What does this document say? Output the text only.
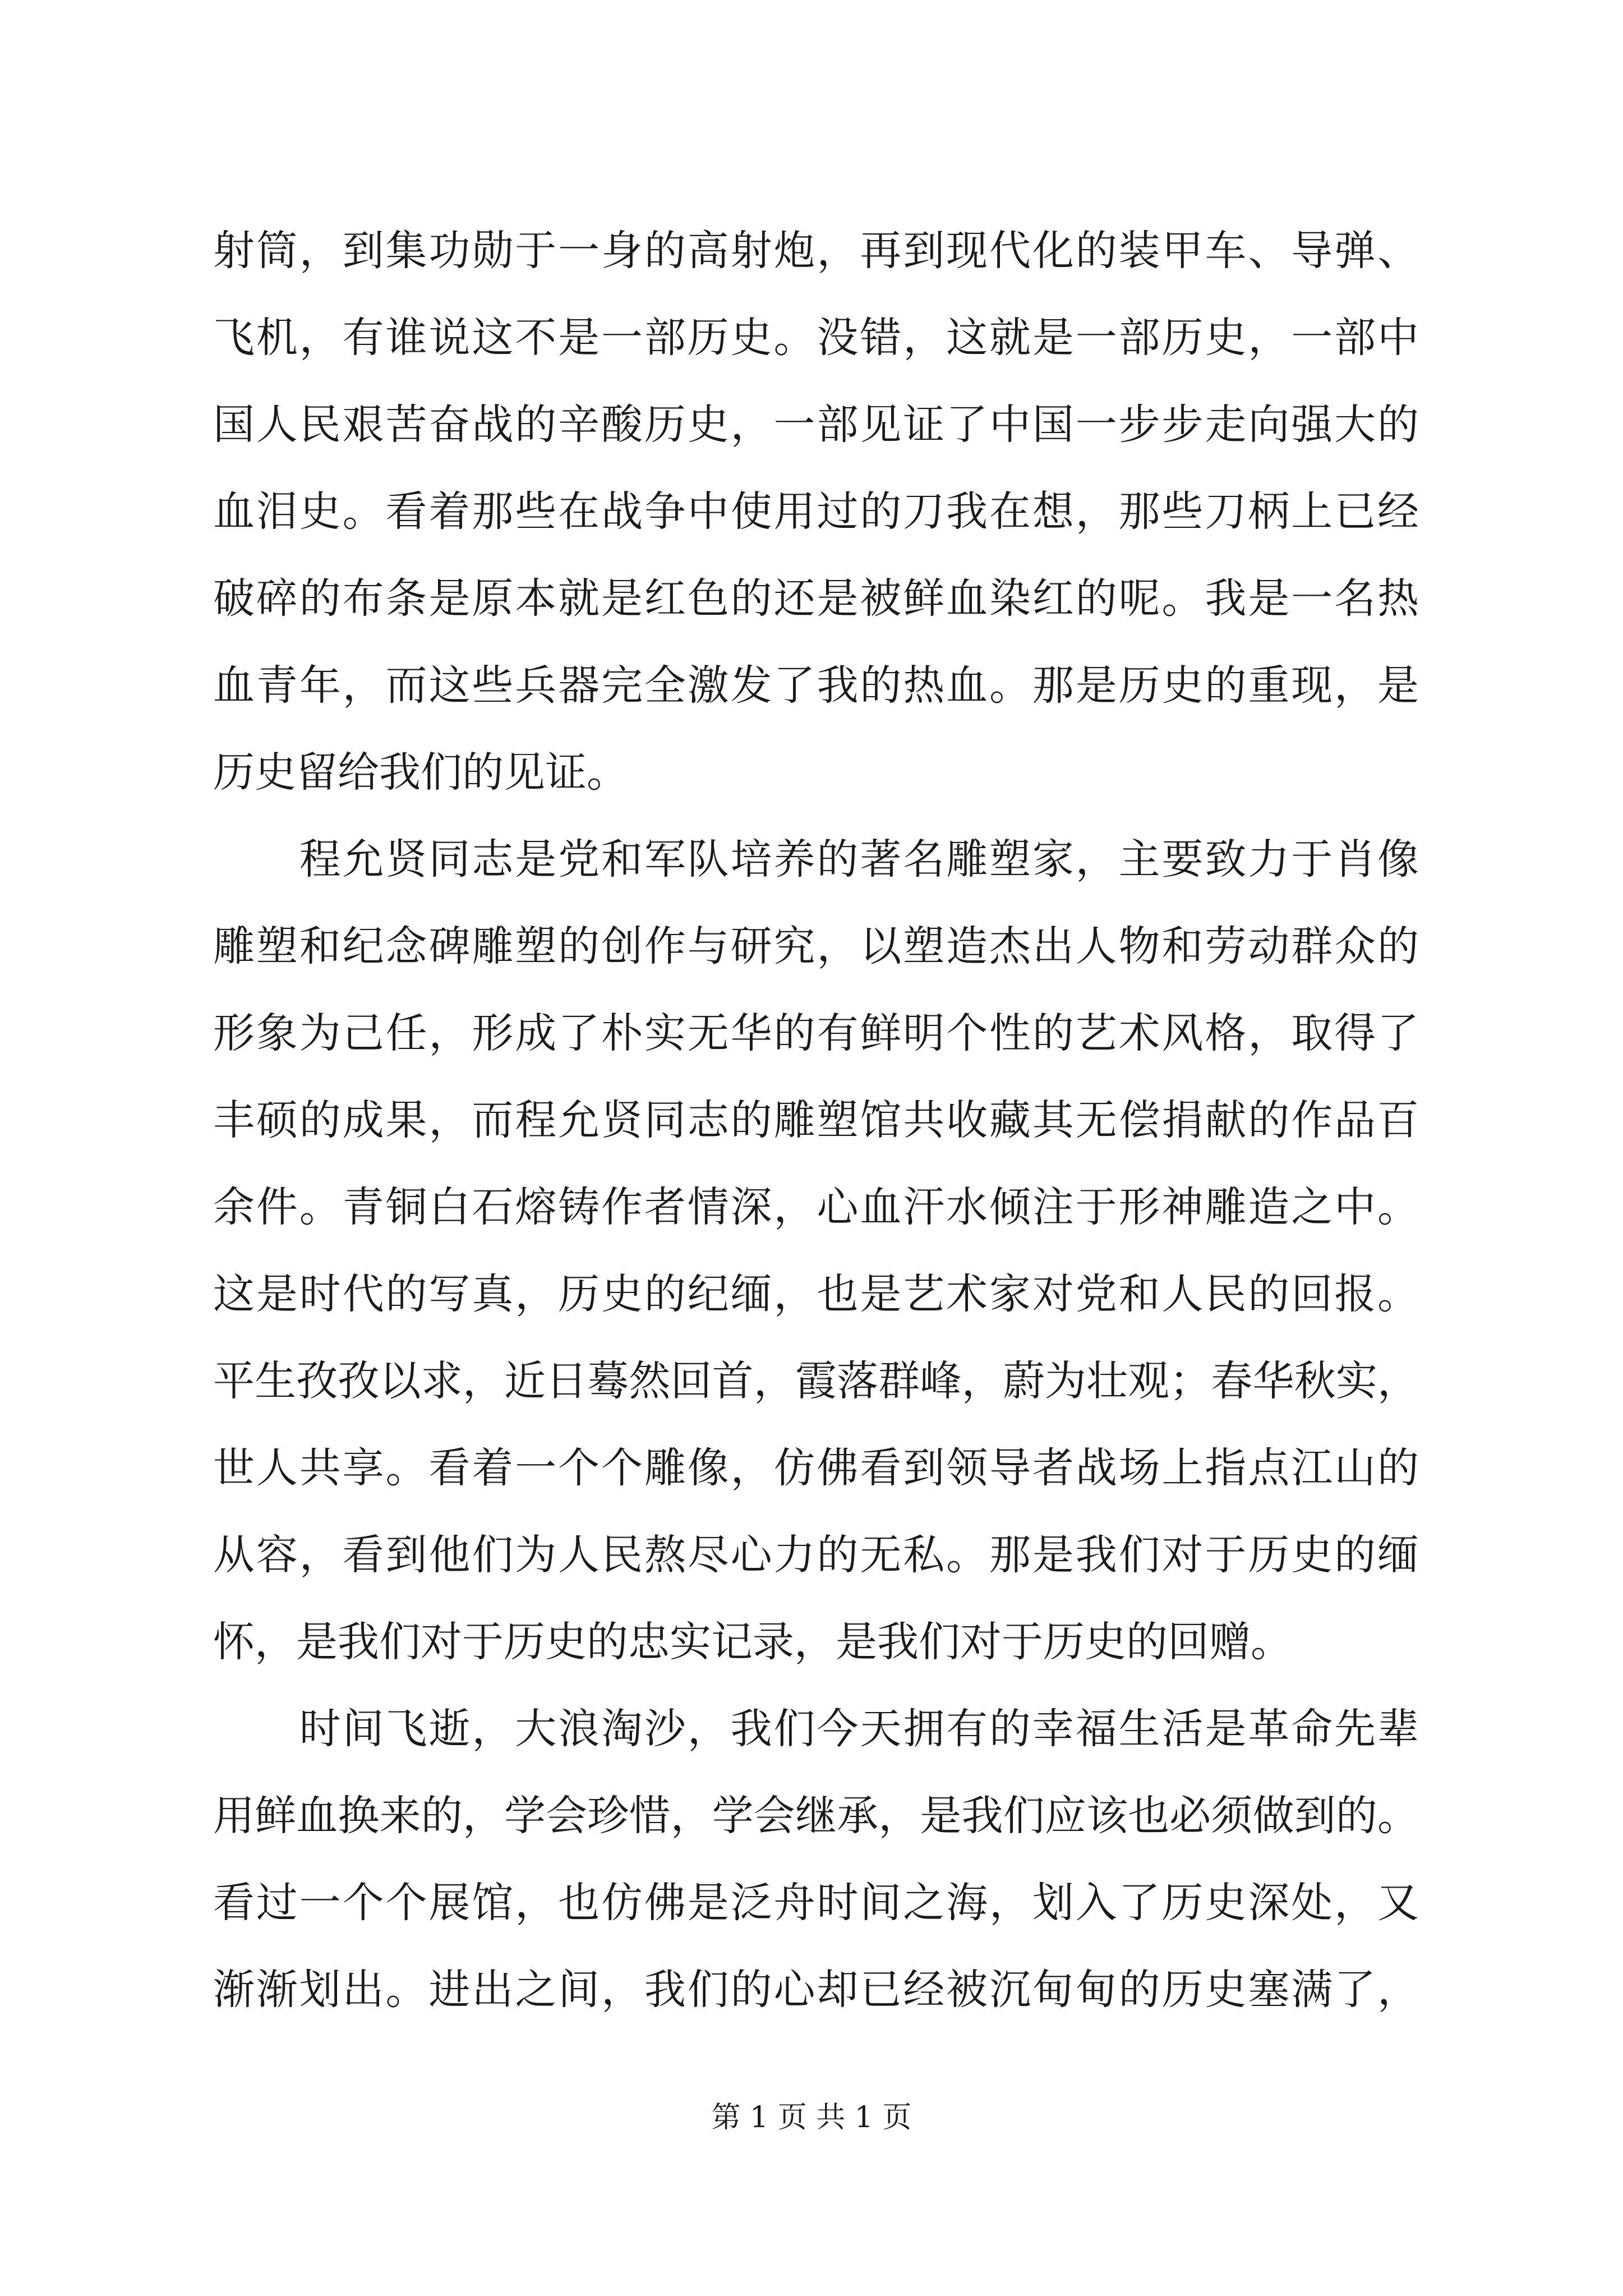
射筒，到集功勋于一身的高射炮，再到现代化的装甲车、导弹、
飞机，有谁说这不是一部历史。没错，这就是一部历史，一部中
国人民艰苦奋战的辛酸历史，一部见证了中国一步步走向强大的
血泪史。看着那些在战争中使用过的刀我在想，那些刀柄上已经
破碎的布条是原本就是红色的还是被鲜血染红的呢。我是一名热
血青年，而这些兵器完全激发了我的热血。那是历史的重现，是
历史留给我们的见证。
　　程允贤同志是党和军队培养的著名雕塑家，主要致力于肖像
雕塑和纪念碑雕塑的创作与研究，以塑造杰出人物和劳动群众的
形象为己任，形成了朴实无华的有鲜明个性的艺术风格，取得了
丰硕的成果，而程允贤同志的雕塑馆共收藏其无偿捐献的作品百
余件。青铜白石熔铸作者情深，心血汗水倾注于形神雕造之中。
这是时代的写真，历史的纪缅，也是艺术家对党和人民的回报。
平生孜孜以求，近日蓦然回首，霞落群峰，蔚为壮观；春华秋实，
世人共享。看着一个个雕像，仿佛看到领导者战场上指点江山的
从容，看到他们为人民熬尽心力的无私。那是我们对于历史的缅
怀，是我们对于历史的忠实记录，是我们对于历史的回赠。
　　时间飞逝，大浪淘沙，我们今天拥有的幸福生活是革命先辈
用鲜血换来的，学会珍惜，学会继承，是我们应该也必须做到的。
看过一个个展馆，也仿佛是泛舟时间之海，划入了历史深处，又
渐渐划出。进出之间，我们的心却已经被沉甸甸的历史塞满了，
第 1 页 共 1 页
